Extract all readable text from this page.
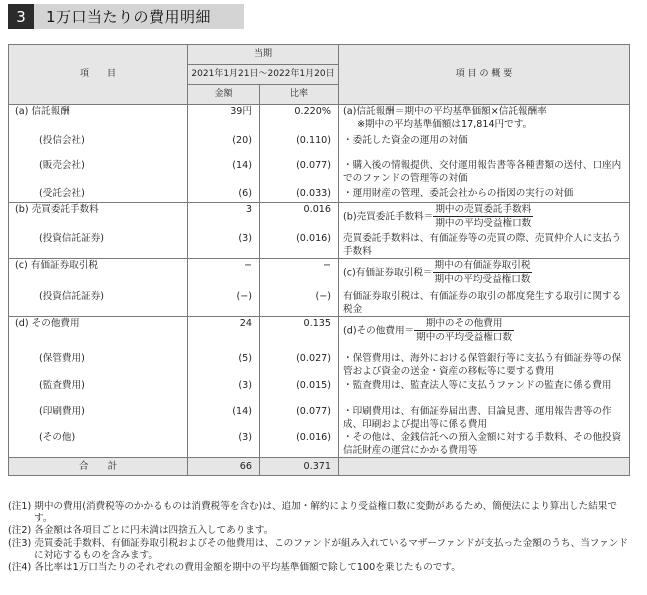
3	1万口当たりの費用明細
項　　目	当期		項 目 の 概 要
	2021年1月21日〜2022年1月20日		
	金額	比率	
(a) 信託報酬	39円	0.220%	(a)信託報酬＝期中の平均基準価額×信託報酬率
※期中の平均基準価額は17,814円です。

(投信会社)	(20)	(0.110)	・委託した資金の運用の対価
(販売会社)	(14)	(0.077)	・購入後の情報提供、交付運用報告書等各種書類の送付、口座内でのファンドの管理等の対価
(受託会社)	(6)	(0.033)	・運用財産の管理、委託会社からの指図の実行の対価
(b) 売買委託手数料	3	0.016	(b)売買委託手数料＝ $\frac{\text{期中の売買委託手数料}}{\text{期中の平均受益権口数}}$

(投資信託証券)	(3)	(0.016)	売買委託手数料は、有価証券等の売買の際、売買仲介人に支払う手数料
(c) 有価証券取引税	−	−	(c)有価証券取引税＝ $\frac{\text{期中の有価証券取引税}}{\text{期中の平均受益権口数}}$

(投資信託証券)	(−)	(−)	有価証券取引税は、有価証券の取引の都度発生する取引に関する税金
(d) その他費用	24	0.135	(d)その他費用＝ $\frac{\text{期中のその他費用}}{\text{期中の平均受益権口数}}$

(保管費用)	(5)	(0.027)	・保管費用は、海外における保管銀行等に支払う有価証券等の保管および資金の送金・資産の移転等に要する費用
(監査費用)	(3)	(0.015)	・監査費用は、監査法人等に支払うファンドの監査に係る費用
(印刷費用)	(14)	(0.077)	・印刷費用は、有価証券届出書、目論見書、運用報告書等の作成、印刷および提出等に係る費用
(その他)	(3)	(0.016)	・その他は、金銭信託への預入金額に対する手数料、その他投資信託財産の運営にかかる費用等
合　　計	66	0.371	
(注1) 期中の費用(消費税等のかかるものは消費税等を含む)は、追加・解約により受益権口数に変動があるため、簡便法により算出した結果です。
(注2) 各金額は各項目ごとに円未満は四捨五入してあります。
(注3) 売買委託手数料、有価証券取引税およびその他費用は、このファンドが組み入れているマザーファンドが支払った金額のうち、当ファンドに対応するものを含みます。
(注4) 各比率は1万口当たりのそれぞれの費用金額を期中の平均基準価額で除して100を乗じたものです。
